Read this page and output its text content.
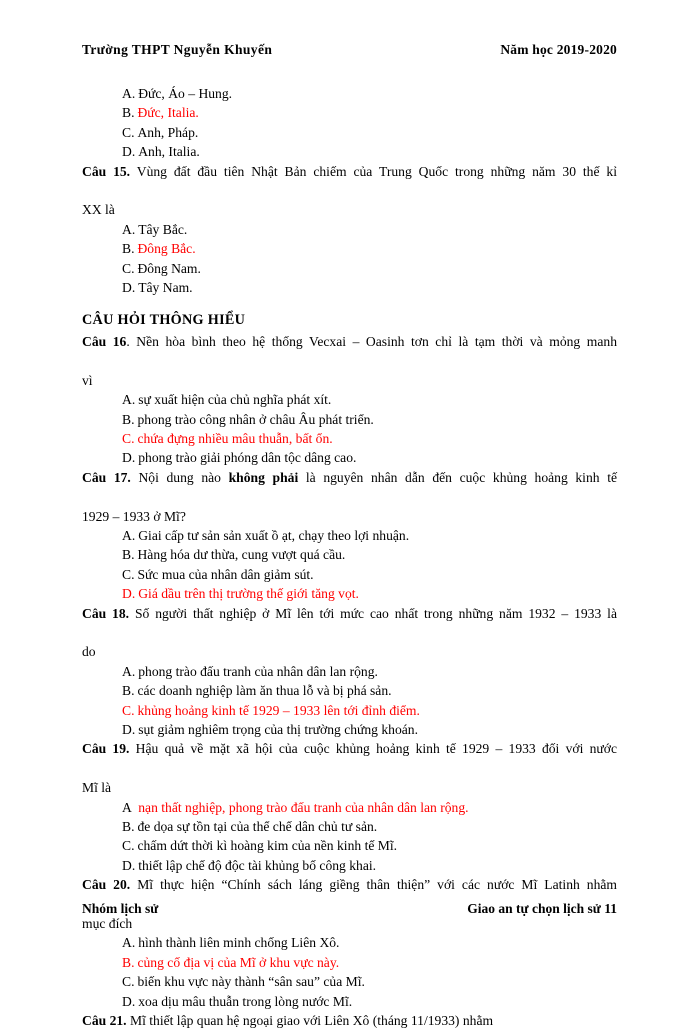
Trường THPT Nguyễn Khuyến	Năm học 2019-2020

A. Đức, Áo – Hung.

B. Đức, Italia.

C. Anh, Pháp.

D. Anh, Italia.

Câu 15. Vùng đất đầu tiên Nhật Bản chiếm của Trung Quốc trong những năm 30 thế kỉ

XX là

A. Tây Bắc.

B. Đông Bắc.

C. Đông Nam.

D. Tây Nam.

CÂU HỎI THÔNG HIỂU

Câu 16. Nền hòa bình theo hệ thống Vecxai – Oasinh tơn chỉ là tạm thời và mỏng manh

vì

A. sự xuất hiện của chủ nghĩa phát xít.

B. phong trào công nhân ở châu Âu phát triển.

C. chứa đựng nhiều mâu thuẫn, bất ổn.

D. phong trào giải phóng dân tộc dâng cao.

Câu 17. Nội dung nào không phải là nguyên nhân dẫn đến cuộc khủng hoảng kinh tế

1929 – 1933 ở Mĩ?

A. Giai cấp tư sản sản xuất ồ ạt, chạy theo lợi nhuận.

B. Hàng hóa dư thừa, cung vượt quá cầu.

C. Sức mua của nhân dân giảm sút.

D. Giá dầu trên thị trường thế giới tăng vọt.

Câu 18. Số người thất nghiệp ở Mĩ lên tới mức cao nhất trong những năm 1932 – 1933 là

do

A. phong trào đấu tranh của nhân dân lan rộng.

B. các doanh nghiệp làm ăn thua lỗ và bị phá sản.

C. khủng hoảng kinh tế 1929 – 1933 lên tới đỉnh điểm.

D. sụt giảm nghiêm trọng của thị trường chứng khoán.

Câu 19. Hậu quả về mặt xã hội của cuộc khủng hoảng kinh tế 1929 – 1933 đối với nước

Mĩ là

A nạn thất nghiệp, phong trào đấu tranh của nhân dân lan rộng.

B. đe dọa sự tồn tại của thể chế dân chủ tư sản.

C. chấm dứt thời kì hoàng kim của nền kinh tế Mĩ.

D. thiết lập chế độ độc tài khủng bố công khai.

Câu 20. Mĩ thực hiện “Chính sách láng giềng thân thiện” với các nước Mĩ Latinh nhằm

mục đích

A. hình thành liên minh chống Liên Xô.

B. củng cố địa vị của Mĩ ở khu vực này.

C. biến khu vực này thành “sân sau” của Mĩ.

D. xoa dịu mâu thuẫn trong lòng nước Mĩ.

Câu 21. Mĩ thiết lập quan hệ ngoại giao với Liên Xô (tháng 11/1933) nhằm

Nhóm lịch sử	Giao an tự chọn lịch sử 11
